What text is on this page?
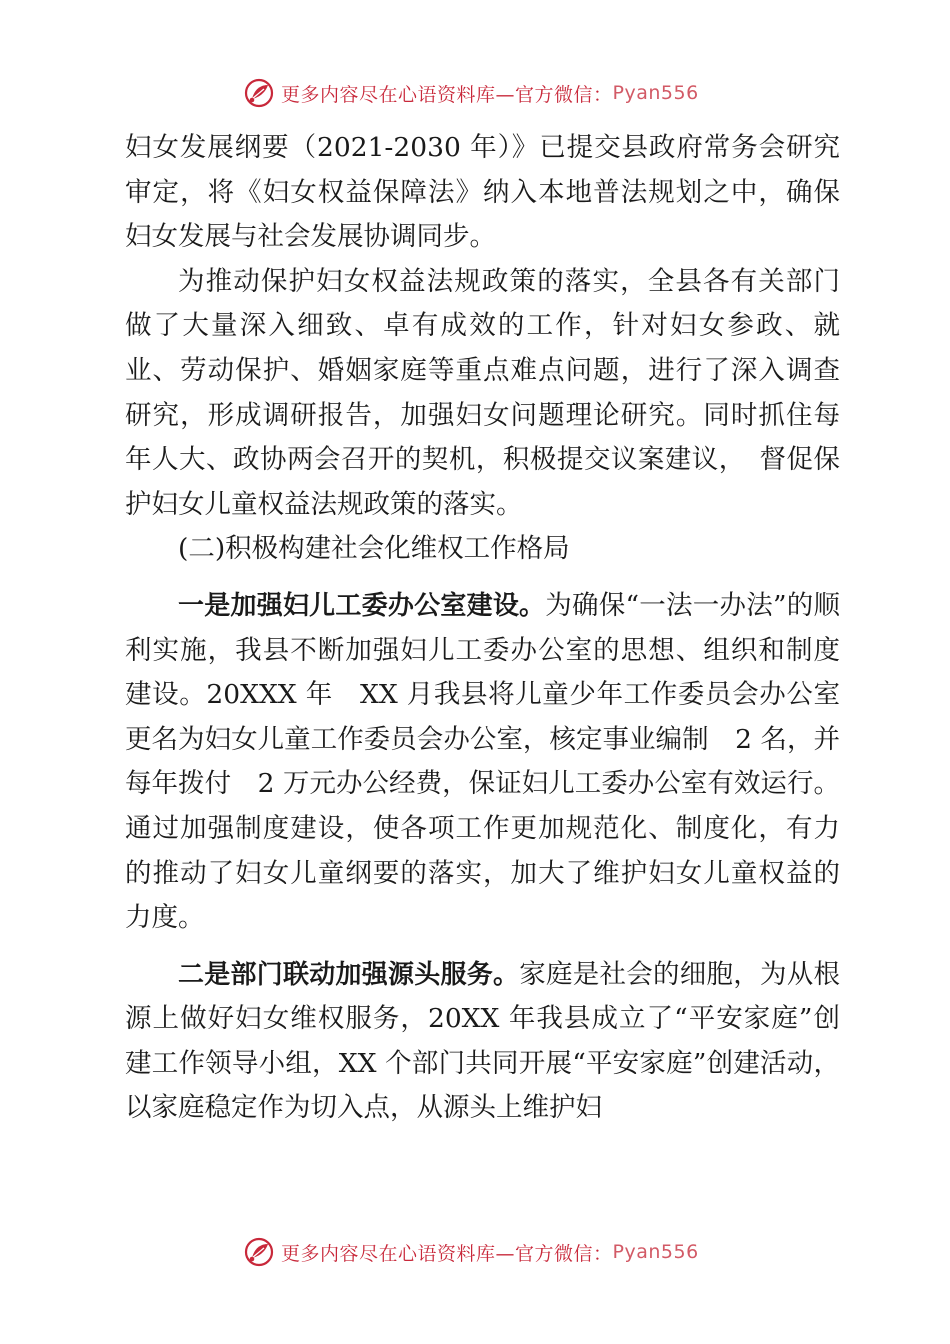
更多内容尽在心语资料库—官方微信： Pyan556

妇女发展纲要（2021-2030 年）》已提交县政府常务会研究审定，将《妇女权益保障法》纳入本地普法规划之中，确保妇女发展与社会发展协调同步。

为推动保护妇女权益法规政策的落实，全县各有关部门做了大量深入细致、卓有成效的工作，针对妇女参政、就业、劳动保护、婚姻家庭等重点难点问题，进行了深入调查研究，形成调研报告，加强妇女问题理论研究。同时抓住每年人大、政协两会召开的契机，积极提交议案建议，　督促保护妇女儿童权益法规政策的落实。

(二)积极构建社会化维权工作格局

一是加强妇儿工委办公室建设。为确保“一法一办法”的顺利实施，我县不断加强妇儿工委办公室的思想、组织和制度建设。20XXX 年　XX 月我县将儿童少年工作委员会办公室更名为妇女儿童工作委员会办公室，核定事业编制　2 名，并每年拨付　2 万元办公经费，保证妇儿工委办公室有效运行。通过加强制度建设，使各项工作更加规范化、制度化，有力的推动了妇女儿童纲要的落实，加大了维护妇女儿童权益的力度。

二是部门联动加强源头服务。家庭是社会的细胞，为从根源上做好妇女维权服务，20XX 年我县成立了“平安家庭”创建工作领导小组，XX 个部门共同开展“平安家庭”创建活动，以家庭稳定作为切入点，从源头上维护妇

更多内容尽在心语资料库—官方微信： Pyan556
